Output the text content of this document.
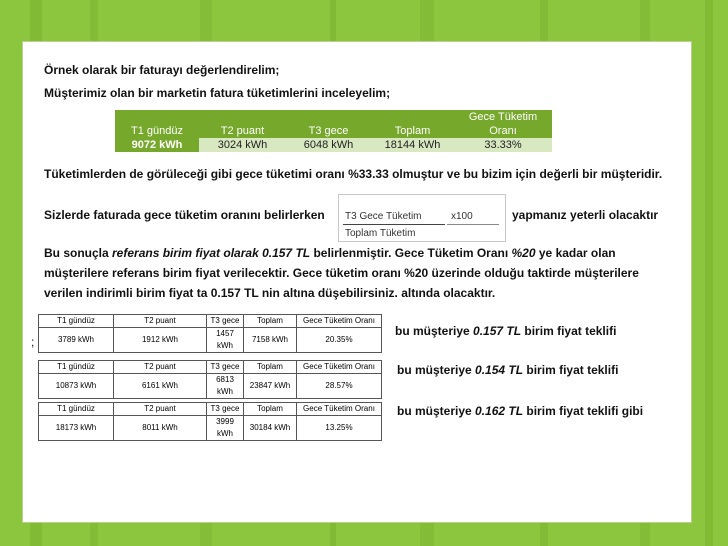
Örnek olarak bir faturayı değerlendirelim;
Müşterimiz olan bir marketin fatura tüketimlerini inceleyelim;
				Gece Tüketim
T1 gündüz	T2 puant	T3 gece	Toplam	Oranı
9072 kWh	3024 kWh	6048 kWh	18144 kWh	33.33%
Tüketimlerden de görüleceği gibi gece tüketimi oranı %33.33 olmuştur ve bu bizim için değerli bir müşteridir.
Sizlerde faturada gece tüketim oranını belirlerken T3 Gece Tüketim
Toplam Tüketim
x100	yapmanız yeterli olacaktır
Bu sonuçla referans birim fiyat olarak 0.157 TL belirlenmiştir. Gece Tüketim Oranı %20 ye kadar olan
müşterilere referans birim fiyat verilecektir. Gece tüketim oranı %20 üzerinde olduğu taktirde müşterilere
verilen indirimli birim fiyat ta 0.157 TL nin altına düşebilirsiniz. altında olacaktır.
;
T1 gündüz	T2 puant	T3 gece	Toplam	Gece Tüketim Oranı
3789 kWh	1912 kWh	1457 kWh	7158 kWh	20.35%
bu müşteriye 0.157 TL birim fiyat teklifi
T1 gündüz	T2 puant	T3 gece	Toplam	Gece Tüketim Oranı
10873 kWh	6161 kWh	6813 kWh	23847 kWh	28.57%
bu müşteriye 0.154 TL birim fiyat teklifi
T1 gündüz	T2 puant	T3 gece	Toplam	Gece Tüketim Oranı
18173 kWh	8011 kWh	3999 kWh	30184 kWh	13.25%
bu müşteriye 0.162 TL birim fiyat teklifi gibi
